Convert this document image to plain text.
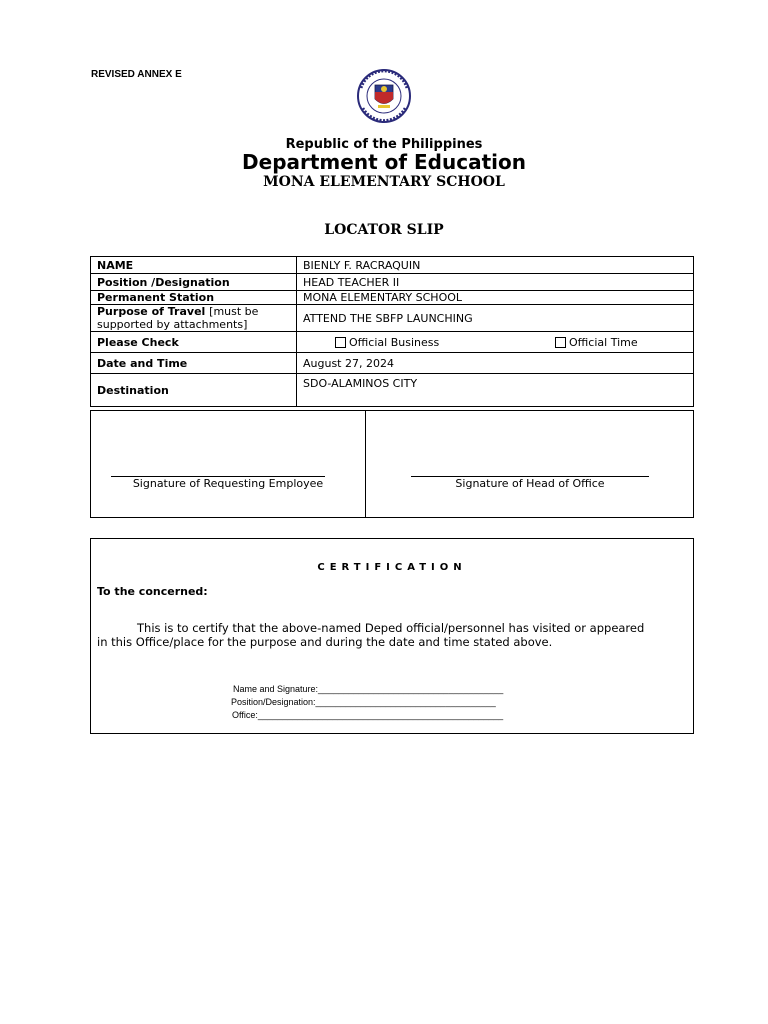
REVISED ANNEX E
Republic of the Philippines
Department of Education
MONA ELEMENTARY SCHOOL
LOCATOR SLIP
NAME	BIENLY F. RACRAQUIN
Position /Designation	HEAD TEACHER II
Permanent Station	MONA ELEMENTARY SCHOOL
Purpose of Travel [must be supported by attachments]	ATTEND THE SBFP LAUNCHING
Please Check	Official Business Official Time
Date and Time	August 27, 2024
Destination	SDO-ALAMINOS CITY
Signature of Requesting Employee	Signature of Head of Office
CERTIFICATION
To the concerned:
This is to certify that the above-named Deped official/personnel has visited or appeared
in this Office/place for the purpose and during the date and time stated above.
Name and Signature:_____________________________________
Position/Designation:____________________________________
Office:_________________________________________________
